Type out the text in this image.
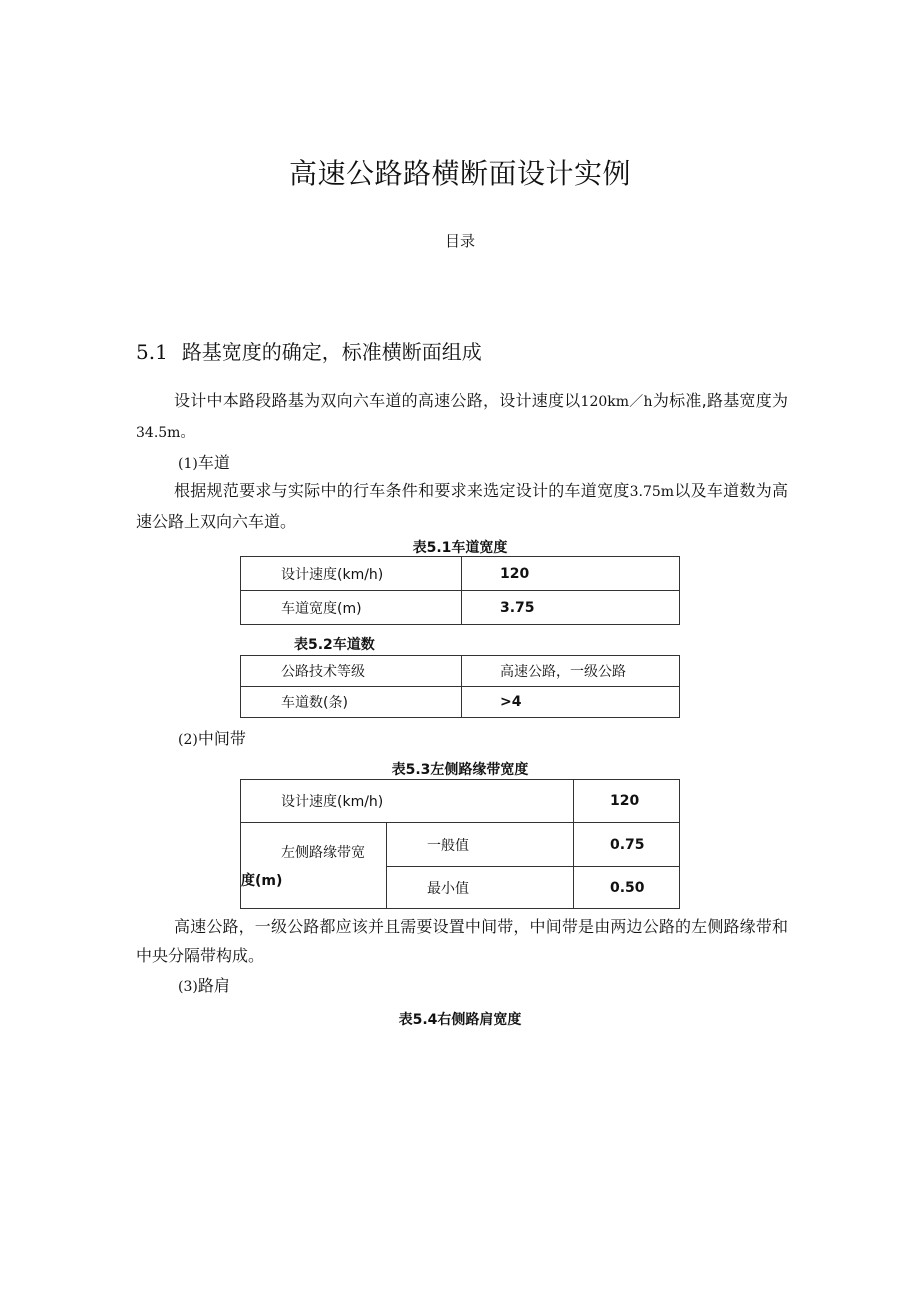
高速公路路横断面设计实例
目录
5.1 路基宽度的确定，标准横断面组成
设计中本路段路基为双向六车道的高速公路，设计速度以120km／h为标准,路基宽度为34.5m。
(1)车道
根据规范要求与实际中的行车条件和要求来选定设计的车道宽度3.75m以及车道数为高速公路上双向六车道。
表5.1车道宽度
设计速度(km/h)	120
车道宽度(m)	3.75
表5.2车道数
公路技术等级	高速公路，一级公路
车道数(条)	>4
(2)中间带
表5.3左侧路缘带宽度
设计速度(km/h)		120

左侧路缘带宽
度(m)	一般值	0.75
	最小值	0.50
高速公路，一级公路都应该并且需要设置中间带，中间带是由两边公路的左侧路缘带和中央分隔带构成。
(3)路肩
表5.4右侧路肩宽度
